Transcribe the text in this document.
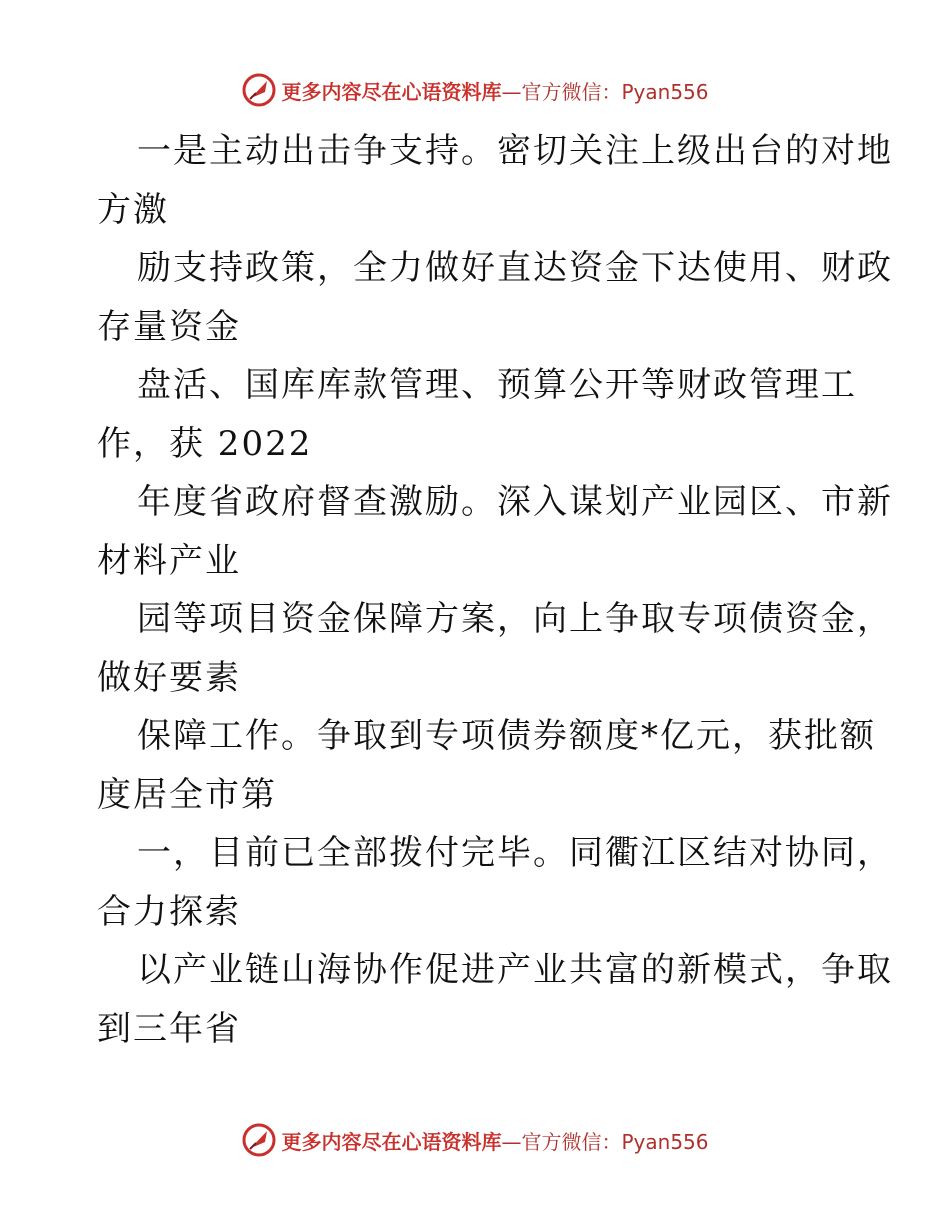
更多内容尽在心语资料库—官方微信：Pyan556
一是主动出击争支持。密切关注上级出台的对地
方激
励支持政策，全力做好直达资金下达使用、财政
存量资金
盘活、国库库款管理、预算公开等财政管理工
作，获 2022
年度省政府督查激励。深入谋划产业园区、市新
材料产业
园等项目资金保障方案，向上争取专项债资金，
做好要素
保障工作。争取到专项债券额度*亿元，获批额
度居全市第
一，目前已全部拨付完毕。同衢江区结对协同，
合力探索
以产业链山海协作促进产业共富的新模式，争取
到三年省
更多内容尽在心语资料库—官方微信：Pyan556
